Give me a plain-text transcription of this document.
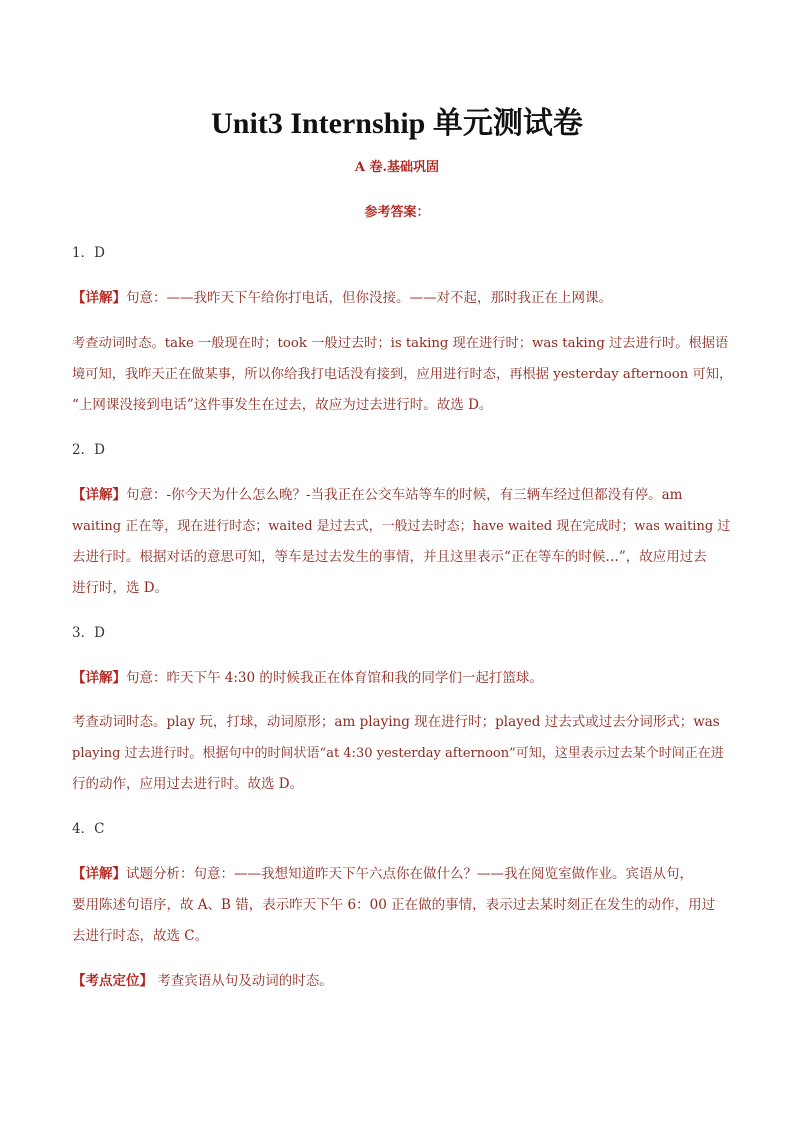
Unit3 Internship 单元测试卷
A 卷.基础巩固
参考答案：
1．D
【详解】句意：——我昨天下午给你打电话，但你没接。——对不起，那时我正在上网课。
考查动词时态。take 一般现在时；took 一般过去时；is taking 现在进行时；was taking 过去进行时。根据语
境可知，我昨天正在做某事，所以你给我打电话没有接到，应用进行时态，再根据 yesterday afternoon 可知，
“上网课没接到电话”这件事发生在过去，故应为过去进行时。故选 D。
2．D
【详解】句意：-你今天为什么怎么晚？-当我正在公交车站等车的时候，有三辆车经过但都没有停。am
waiting 正在等，现在进行时态；waited 是过去式，一般过去时态；have waited 现在完成时；was waiting 过
去进行时。根据对话的意思可知，等车是过去发生的事情，并且这里表示“正在等车的时候…”，故应用过去
进行时，选 D。
3．D
【详解】句意：昨天下午 4:30 的时候我正在体育馆和我的同学们一起打篮球。
考查动词时态。play 玩，打球，动词原形；am playing 现在进行时；played 过去式或过去分词形式；was
playing 过去进行时。根据句中的时间状语“at 4:30 yesterday afternoon”可知，这里表示过去某个时间正在进
行的动作，应用过去进行时。故选 D。
4．C
【详解】试题分析：句意：——我想知道昨天下午六点你在做什么？——我在阅览室做作业。宾语从句，
要用陈述句语序，故 A、B 错，表示昨天下午 6：00 正在做的事情，表示过去某时刻正在发生的动作，用过
去进行时态，故选 C。
【考点定位】 考查宾语从句及动词的时态。
